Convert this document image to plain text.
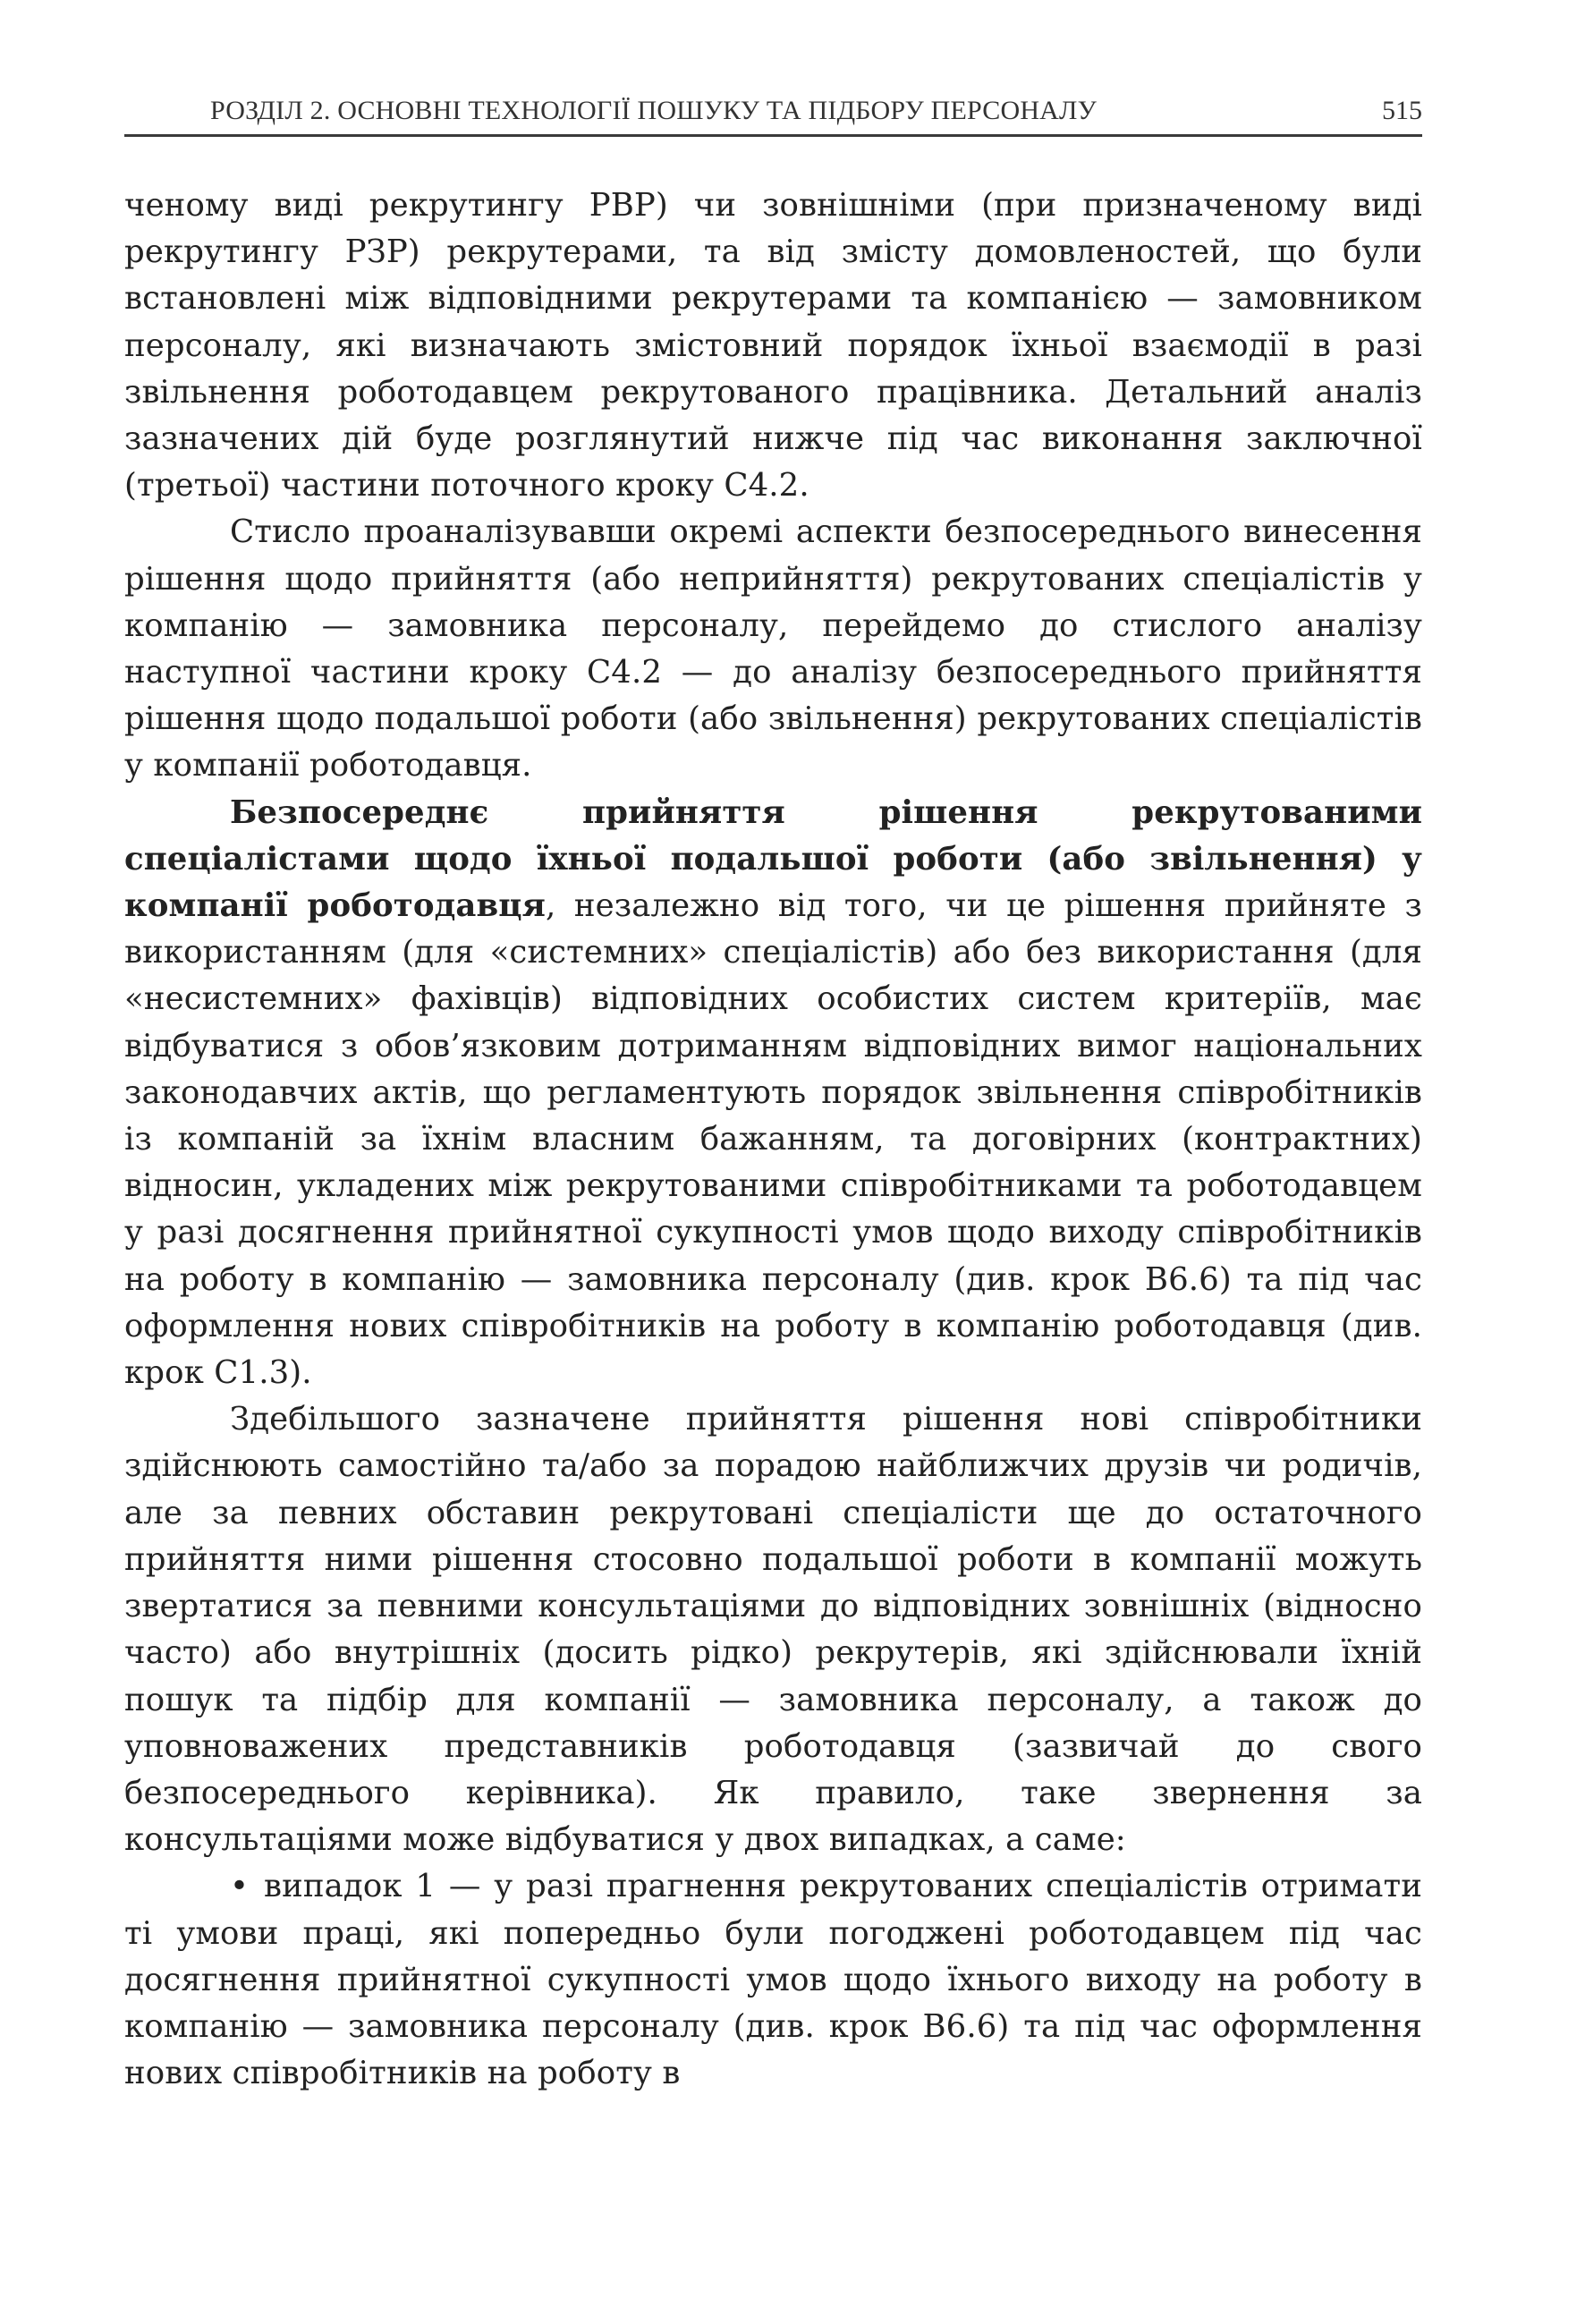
РОЗДІЛ 2. ОСНОВНІ ТЕХНОЛОГІЇ ПОШУКУ ТА ПІДБОРУ ПЕРСОНАЛУ	515

ченому виді рекрутингу РВР) чи зовнішніми (при призначеному виді рекрутингу РЗР) рекрутерами, та від змісту домовленостей, що були встановлені між відповідними рекрутерами та компанією — замовником персоналу, які визначають змістовний порядок їхньої взаємодії в разі звільнення роботодавцем рекрутованого працівника. Детальний аналіз зазначених дій буде розглянутий нижче під час виконання заключної (третьої) частини поточного кроку С4.2.

Стисло проаналізувавши окремі аспекти безпосереднього винесення рішення щодо прийняття (або неприйняття) рекрутованих спеціалістів у компанію — замовника персоналу, перейдемо до стислого аналізу наступної частини кроку С4.2 — до аналізу безпосереднього прийняття рішення щодо подальшої роботи (або звільнення) рекрутованих спеціалістів у компанії роботодавця.

Безпосереднє прийняття рішення рекрутованими спеціалістами щодо їхньої подальшої роботи (або звільнення) у компанії роботодавця, незалежно від того, чи це рішення прийняте з використанням (для «системних» спеціалістів) або без використання (для «несистемних» фахівців) відповідних особистих систем критеріїв, має відбуватися з обов’язковим дотриманням відповідних вимог національних законодавчих актів, що регламентують порядок звільнення співробітників із компаній за їхнім власним бажанням, та договірних (контрактних) відносин, укладених між рекрутованими співробітниками та роботодавцем у разі досягнення прийнятної сукупності умов щодо виходу співробітників на роботу в компанію — замовника персоналу (див. крок В6.6) та під час оформлення нових співробітників на роботу в компанію роботодавця (див. крок С1.3).

Здебільшого зазначене прийняття рішення нові співробітники здійснюють самостійно та/або за порадою найближчих друзів чи родичів, але за певних обставин рекрутовані спеціалісти ще до остаточного прийняття ними рішення стосовно подальшої роботи в компанії можуть звертатися за певними консультаціями до відповідних зовнішніх (відносно часто) або внутрішніх (досить рідко) рекрутерів, які здійснювали їхній пошук та підбір для компанії — замовника персоналу, а також до уповноважених представників роботодавця (зазвичай до свого безпосереднього керівника). Як правило, таке звернення за консультаціями може відбуватися у двох випадках, а саме:

• випадок 1 — у разі прагнення рекрутованих спеціалістів отримати ті умови праці, які попередньо були погоджені роботодавцем під час досягнення прийнятної сукупності умов щодо їхнього виходу на роботу в компанію — замовника персоналу (див. крок В6.6) та під час оформлення нових співробітників на роботу в
